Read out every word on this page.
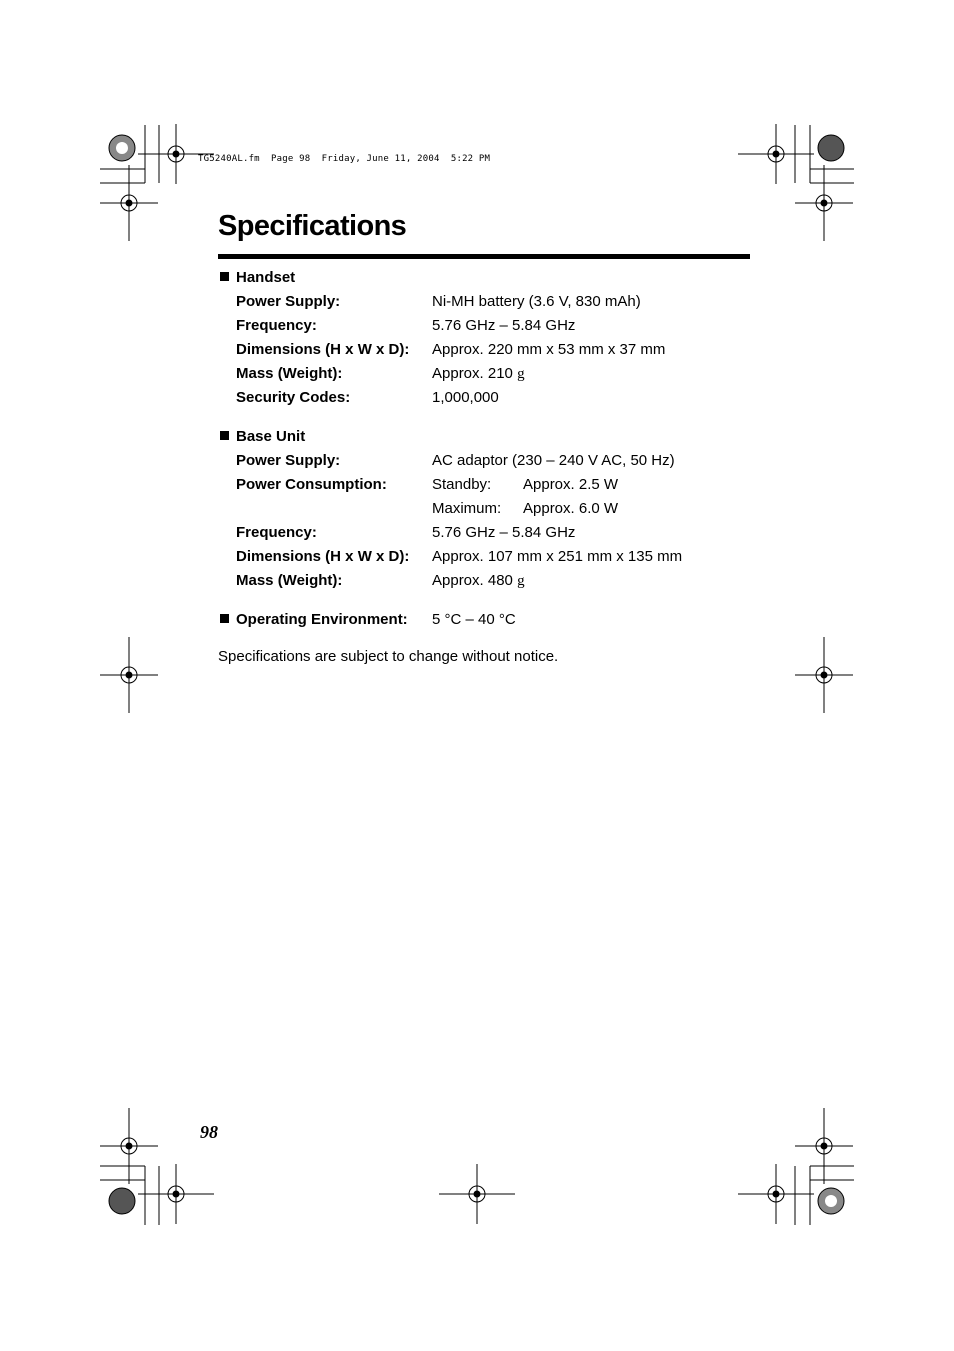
TG5240AL.fm  Page 98  Friday, June 11, 2004  5:22 PM
Specifications
Handset
Power Supply:	Ni-MH battery (3.6 V, 830 mAh)
Frequency:	5.76 GHz – 5.84 GHz
Dimensions (H x W x D): Approx. 220 mm x 53 mm x 37 mm
Mass (Weight):	Approx. 210 g
Security Codes:	1,000,000
Base Unit
Power Supply:	AC adaptor (230 – 240 V AC, 50 Hz)
Power Consumption:	Standby: Approx. 2.5 W
Maximum: Approx. 6.0 W
Frequency:	5.76 GHz – 5.84 GHz
Dimensions (H x W x D): Approx. 107 mm x 251 mm x 135 mm
Mass (Weight):	Approx. 480 g
Operating Environment: 5 °C – 40 °C
Specifications are subject to change without notice.
98
